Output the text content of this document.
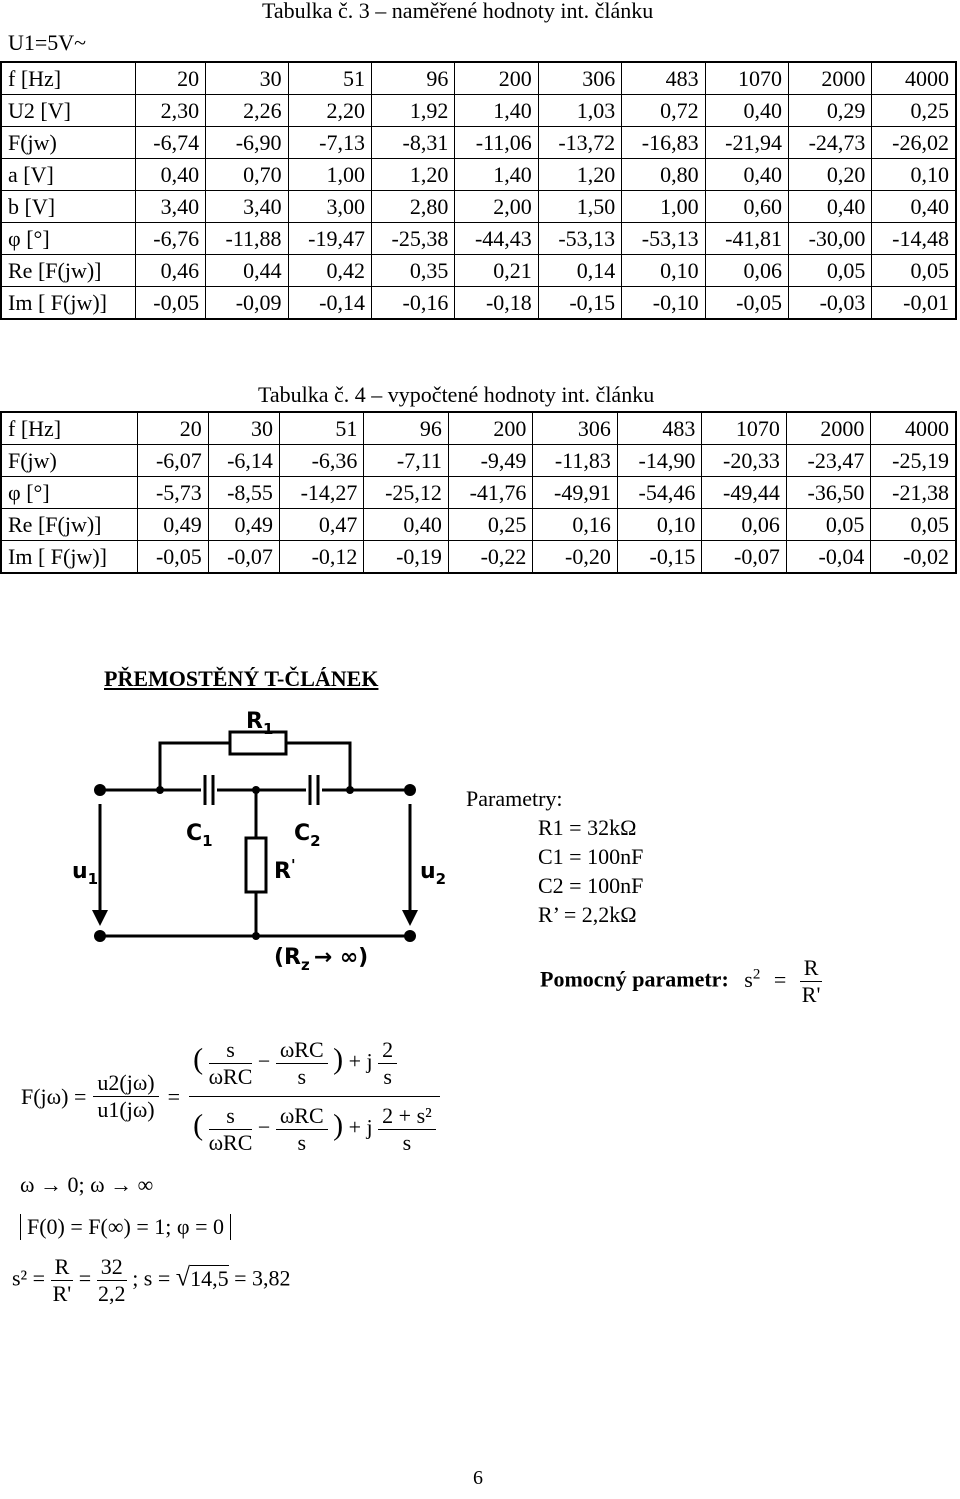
Tabulka č. 3 – naměřené hodnoty int. článku
U1=5V~
f [Hz]	20	30	51	96	200	306	483	1070	2000	4000
U2 [V]	2,30	2,26	2,20	1,92	1,40	1,03	0,72	0,40	0,29	0,25
F(jw)	-6,74	-6,90	-7,13	-8,31	-11,06	-13,72	-16,83	-21,94	-24,73	-26,02
a [V]	0,40	0,70	1,00	1,20	1,40	1,20	0,80	0,40	0,20	0,10
b [V]	3,40	3,40	3,00	2,80	2,00	1,50	1,00	0,60	0,40	0,40
φ [°]	-6,76	-11,88	-19,47	-25,38	-44,43	-53,13	-53,13	-41,81	-30,00	-14,48
Re [F(jw)]	0,46	0,44	0,42	0,35	0,21	0,14	0,10	0,06	0,05	0,05
Im [ F(jw)]	-0,05	-0,09	-0,14	-0,16	-0,18	-0,15	-0,10	-0,05	-0,03	-0,01
Tabulka č. 4 – vypočtené hodnoty int. článku
f [Hz]	20	30	51	96	200	306	483	1070	2000	4000
F(jw)	-6,07	-6,14	-6,36	-7,11	-9,49	-11,83	-14,90	-20,33	-23,47	-25,19
φ [°]	-5,73	-8,55	-14,27	-25,12	-41,76	-49,91	-54,46	-49,44	-36,50	-21,38
Re [F(jw)]	0,49	0,49	0,47	0,40	0,25	0,16	0,10	0,06	0,05	0,05
Im [ F(jw)]	-0,05	-0,07	-0,12	-0,19	-0,22	-0,20	-0,15	-0,07	-0,04	-0,02
PŘEMOSTĚNÝ T-ČLÁNEK
$R_1$
$C_1$	$C_2$
R'
$u_1$	$u_2$
($R_z$ → ∞)
Parametry:
R1 = 32kΩ
C1 = 100nF
C2 = 100nF
R’ = 2,2kΩ
Pomocný parametr: $s^2 = \frac{R}{R'}$
F(jω) =	$\frac{u2(j\omega)}{u1(j\omega)}$	=	
( $\frac{s}{\text{ωRC}} - \frac{\text{ωRC}}{s}$ ) + j $\frac{2}{s}$
( $\frac{s}{\text{ωRC}} - \frac{\text{ωRC}}{s}$ ) + j $\frac{\text{2 + s²}}{s}$
ω → 0; ω → ∞
F(0) = F(∞) = 1; φ = 0
$s^2 = \frac{R}{R'} = \frac{32}{2,2}$ ; s = √14,5 = 3,82
6
